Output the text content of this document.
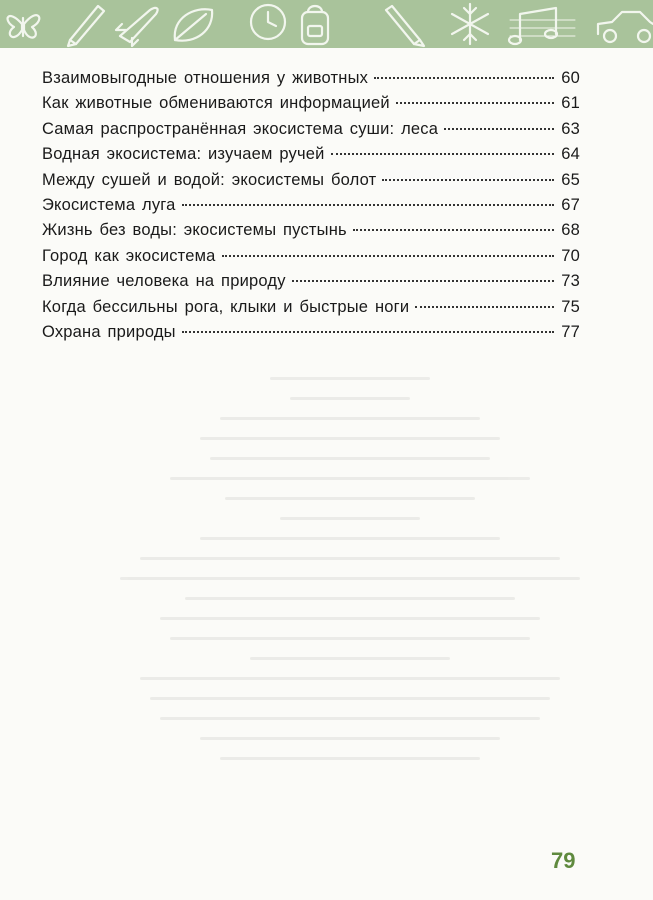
Взаимовыгодные отношения у животных	60
Как животные обмениваются информацией	61
Самая распространённая экосистема суши: леса	63
Водная экосистема: изучаем ручей	64
Между сушей и водой: экосистемы болот	65
Экосистема луга	67
Жизнь без воды: экосистемы пустынь	68
Город как экосистема	70
Влияние человека на природу	73
Когда бессильны рога, клыки и быстрые ноги	75
Охрана природы	77
79
